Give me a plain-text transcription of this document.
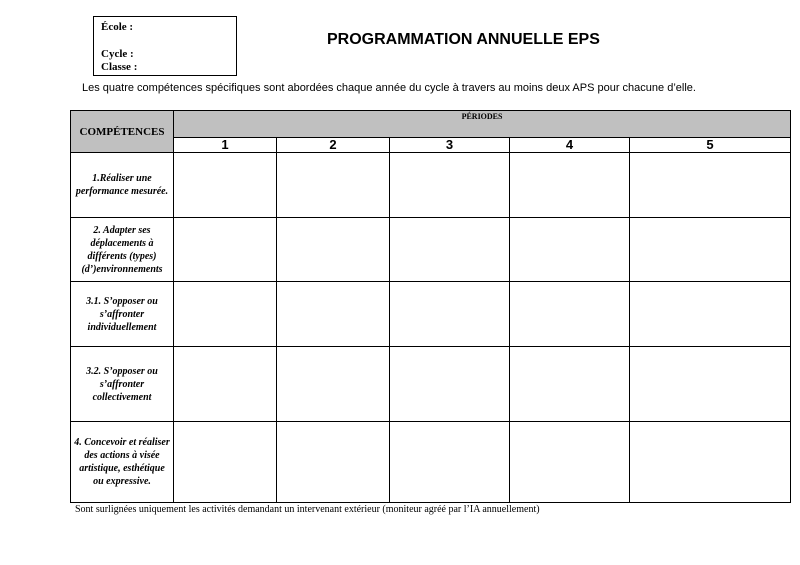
École :
Cycle :
Classe :
PROGRAMMATION ANNUELLE EPS
Les quatre compétences spécifiques sont abordées chaque année du cycle à travers au moins deux APS pour chacune d’elle.
COMPÉTENCES	PÉRIODES				
	1	2	3	4	5
1.Réaliser une performance mesurée.					
2. Adapter ses déplacements à différents (types) (d’)environnements					
3.1. S’opposer ou s’affronter individuellement					
3.2. S’opposer ou s’affronter collectivement					
4. Concevoir et réaliser des actions à visée artistique, esthétique ou expressive.					
Sont surlignées uniquement les activités demandant un intervenant extérieur (moniteur agréé par l’IA annuellement)
